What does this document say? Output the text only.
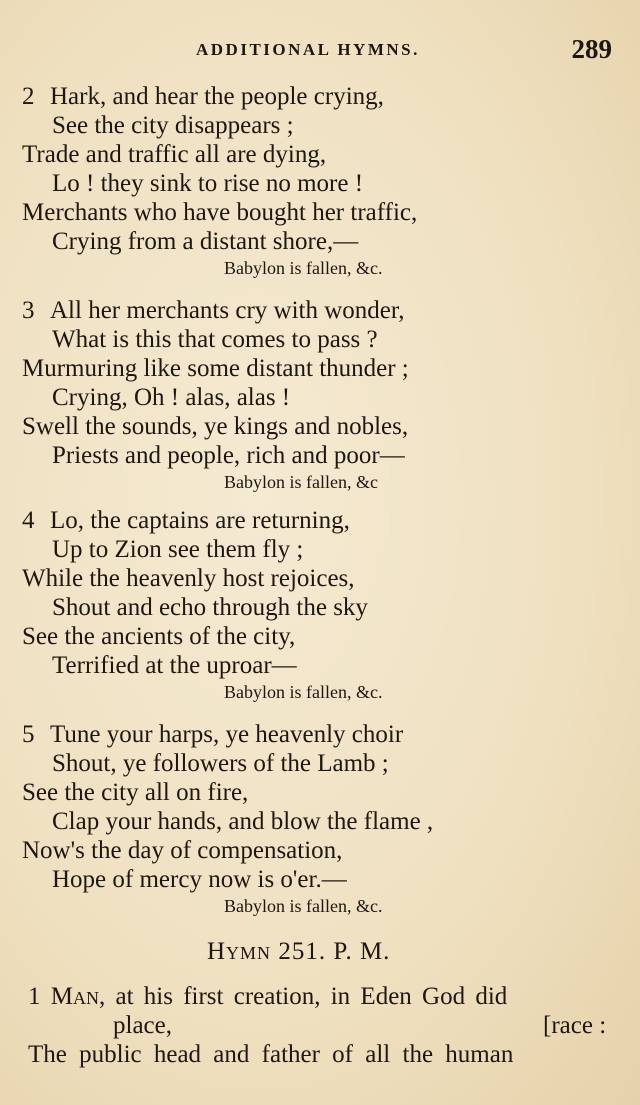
ADDITIONAL HYMNS.	289
2 Hark, and hear the people crying,
See the city disappears ;
Trade and traffic all are dying,
Lo ! they sink to rise no more !
Merchants who have bought her traffic,
Crying from a distant shore,—
Babylon is fallen, &c.
3 All her merchants cry with wonder,
What is this that comes to pass ?
Murmuring like some distant thunder ;
Crying, Oh ! alas, alas !
Swell the sounds, ye kings and nobles,
Priests and people, rich and poor—
Babylon is fallen, &c
4 Lo, the captains are returning,
Up to Zion see them fly ;
While the heavenly host rejoices,
Shout and echo through the sky
See the ancients of the city,
Terrified at the uproar—
Babylon is fallen, &c.
5 Tune your harps, ye heavenly choir
Shout, ye followers of the Lamb ;
See the city all on fire,
Clap your hands, and blow the flame ,
Now's the day of compensation,
Hope of mercy now is o'er.—
Babylon is fallen, &c.
Hymn 251. P. M.
1 Man, at his first creation, in Eden God did
place,	[race :
The public head and father of all the human
